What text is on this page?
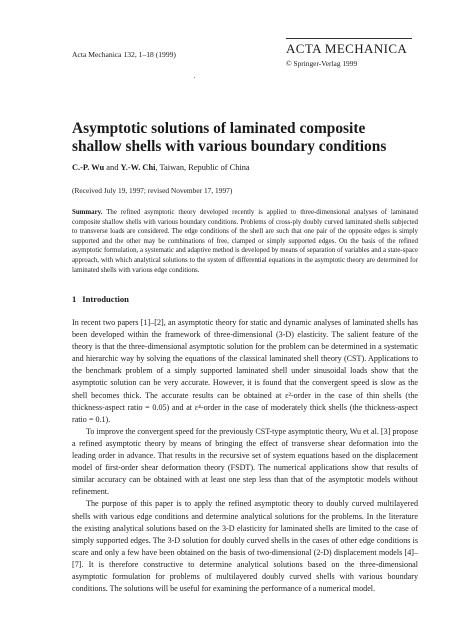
Acta Mechanica 132, 1–18 (1999)	ACTA MECHANICA
© Springer-Verlag 1999
Asymptotic solutions of laminated composite
shallow shells with various boundary conditions
C.-P. Wu and Y.-W. Chi, Taiwan, Republic of China
(Received July 19, 1997; revised November 17, 1997)
Summary. The refined asymptotic theory developed recently is applied to three-dimensional analyses of laminated composite shallow shells with various boundary conditions. Problems of cross-ply doubly curved laminated shells subjected to transverse loads are considered. The edge conditions of the shell are such that one pair of the opposite edges is simply supported and the other may be combinations of free, clamped or simply supported edges. On the basis of the refined asymptotic formulation, a systematic and adaptive method is developed by means of separation of variables and a state-space approach, with which analytical solutions to the system of differential equations in the asymptotic theory are determined for laminated shells with various edge conditions.
1 Introduction

In recent two papers [1]–[2], an asymptotic theory for static and dynamic analyses of laminated shells has been developed within the framework of three-dimensional (3-D) elasticity. The salient feature of the theory is that the three-dimensional asymptotic solution for the problem can be determined in a systematic and hierarchic way by solving the equations of the classical laminated shell theory (CST). Applications to the benchmark problem of a simply supported laminated shell under sinusoidal loads show that the asymptotic solution can be very accurate. However, it is found that the convergent speed is slow as the shell becomes thick. The accurate results can be obtained at ε²-order in the case of thin shells (the thickness-aspect ratio = 0.05) and at ε⁴-order in the case of moderately thick shells (the thickness-aspect ratio = 0.1).

To improve the convergent speed for the previously CST-type asymptotic theory, Wu et al. [3] propose a refined asymptotic theory by means of bringing the effect of transverse shear deformation into the leading order in advance. That results in the recursive set of system equations based on the displacement model of first-order shear deformation theory (FSDT). The numerical applications show that results of similar accuracy can be obtained with at least one step less than that of the asymptotic models without refinement.

The purpose of this paper is to apply the refined asymptotic theory to doubly curved multilayered shells with various edge conditions and determine analytical solutions for the problems. In the literature the existing analytical solutions based on the 3-D elasticity for laminated shells are limited to the case of simply supported edges. The 3-D solution for doubly curved shells in the cases of other edge conditions is scare and only a few have been obtained on the basis of two-dimensional (2-D) displacement models [4]–[7]. It is therefore constructive to determine analytical solutions based on the three-dimensional asymptotic formulation for problems of multilayered doubly curved shells with various boundary conditions. The solutions will be useful for examining the performance of a numerical model.
